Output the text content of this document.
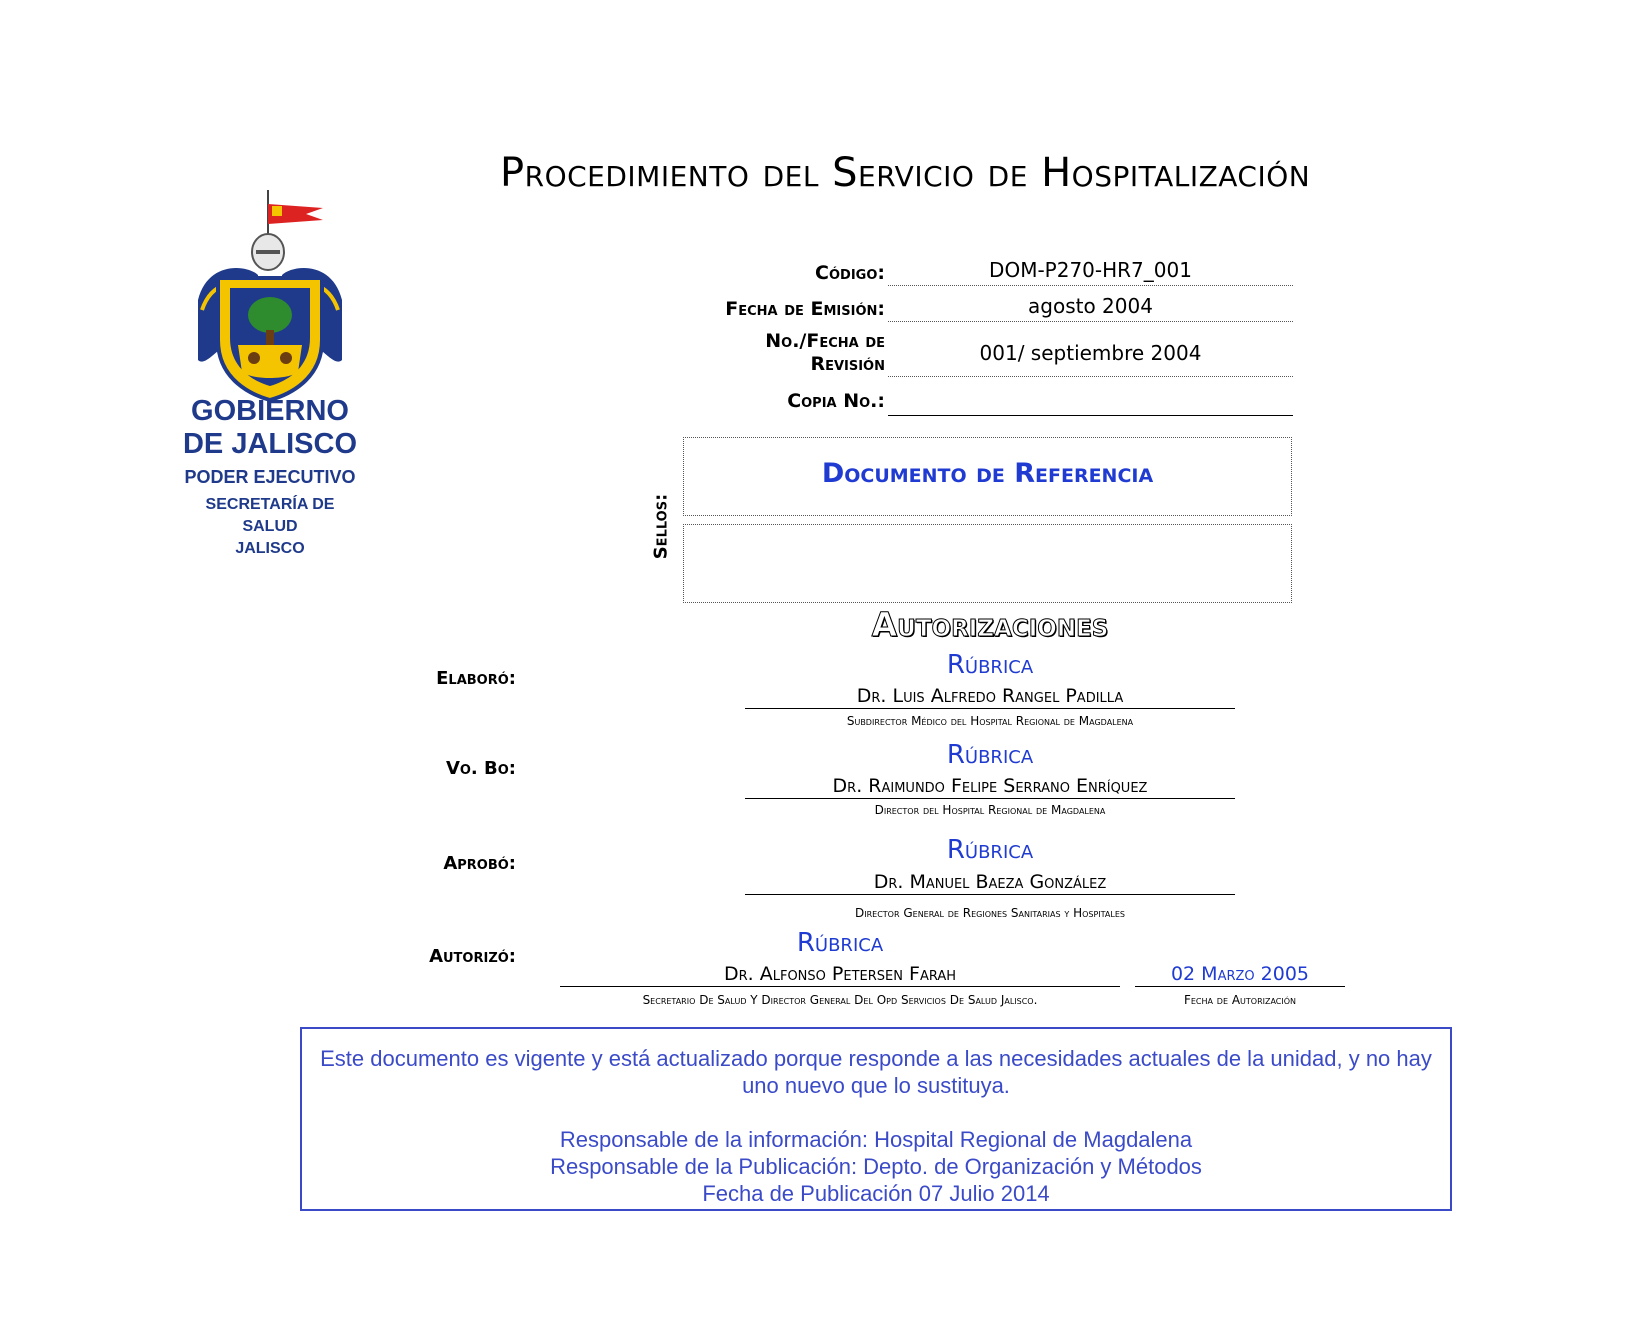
Procedimiento del Servicio de Hospitalización
GOBIERNO
DE JALISCO
PODER EJECUTIVO
SECRETARÍA DE
SALUD
JALISCO
Código:	DOM-P270-HR7_001
Fecha de Emisión:	agosto 2004
No./Fecha de
Revisión	001/ septiembre 2004
Copia No.:
Sellos:
Documento de Referencia
Autorizaciones
Elaboró:	Rúbrica
Dr. Luis Alfredo Rangel Padilla
Subdirector Médico del Hospital Regional de Magdalena
Vo. Bo:	Rúbrica
Dr. Raimundo Felipe Serrano Enríquez
Director del Hospital Regional de Magdalena
Aprobó:	Rúbrica
Dr. Manuel Baeza González
Director General de Regiones Sanitarias y Hospitales
Autorizó:	Rúbrica
Dr. Alfonso Petersen Farah
Secretario De Salud Y Director General Del Opd Servicios De Salud Jalisco.
02 Marzo 2005
Fecha de Autorización

Este documento es vigente y está actualizado porque responde a las necesidades actuales de la unidad, y no hay uno nuevo que lo sustituya.

Responsable de la información: Hospital Regional de Magdalena

Responsable de la Publicación: Depto. de Organización y Métodos

Fecha de Publicación 07 Julio 2014
